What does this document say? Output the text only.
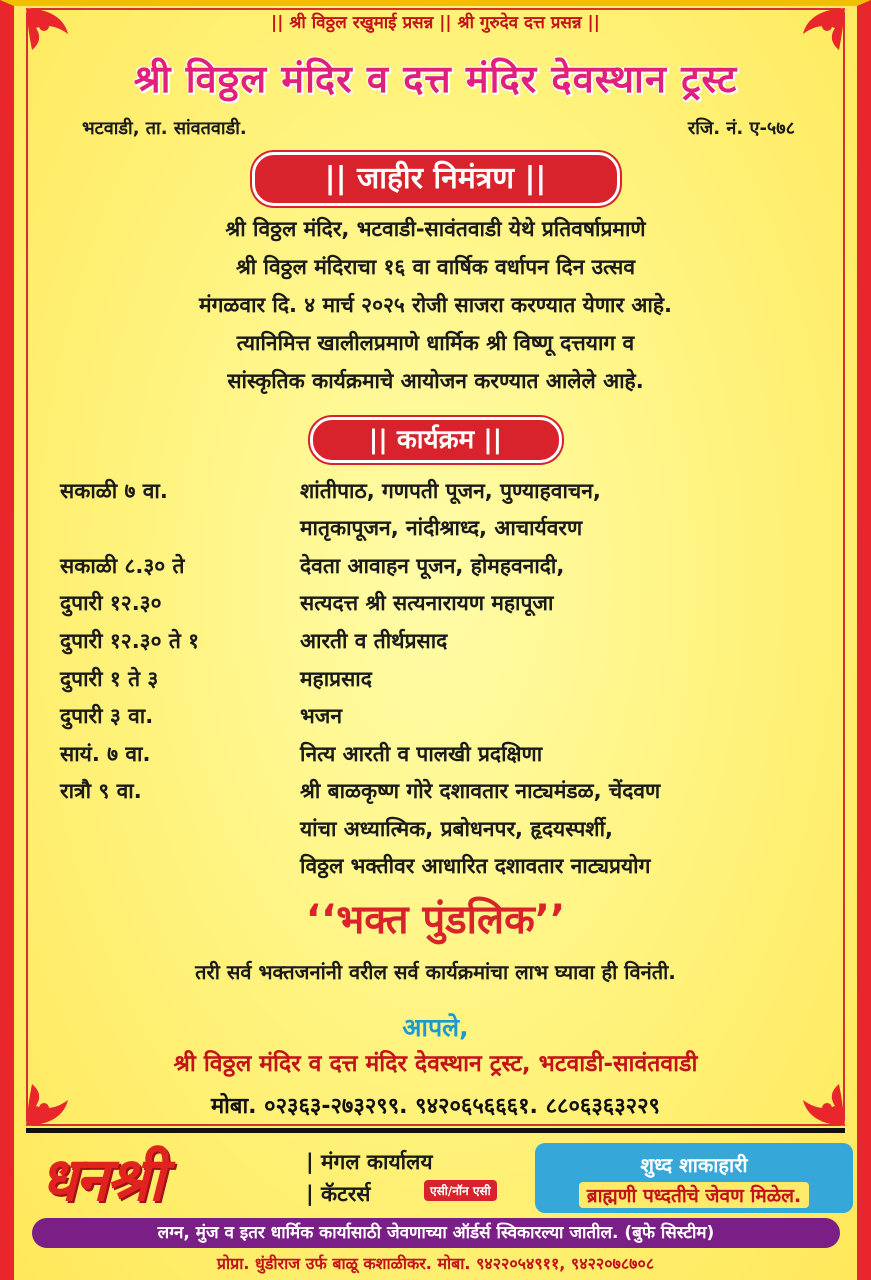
|| श्री विठ्ठल रखुमाई प्रसन्न || श्री गुरुदेव दत्त प्रसन्न ||
श्री विठ्ठल मंदिर व दत्त मंदिर देवस्थान ट्रस्ट
भटवाडी, ता. सांवतवाडी.	रजि. नं. ए-५७८
|| जाहीर निमंत्रण ||
श्री विठ्ठल मंदिर, भटवाडी-सावंतवाडी येथे प्रतिवर्षाप्रमाणे
श्री विठ्ठल मंदिराचा १६ वा वार्षिक वर्धापन दिन उत्सव
मंगळवार दि. ४ मार्च २०२५ रोजी साजरा करण्यात येणार आहे.
त्यानिमित्त खालीलप्रमाणे धार्मिक श्री विष्णू दत्तयाग व
सांस्कृतिक कार्यक्रमाचे आयोजन करण्यात आलेले आहे.
|| कार्यक्रम ||
सकाळी ७ वा.	शांतीपाठ, गणपती पूजन, पुण्याहवाचन,
मातृकापूजन, नांदीश्राध्द, आचार्यवरण
सकाळी ८.३० ते	देवता आवाहन पूजन, होमहवनादी,
दुपारी १२.३०	सत्यदत्त श्री सत्यनारायण महापूजा
दुपारी १२.३० ते १	आरती व तीर्थप्रसाद
दुपारी १ ते ३	महाप्रसाद
दुपारी ३ वा.	भजन
सायं. ७ वा.	नित्य आरती व पालखी प्रदक्षिणा
रात्रौ ९ वा.	श्री बाळकृष्ण गोरे दशावतार नाट्यमंडळ, चेंदवण
यांचा अध्यात्मिक, प्रबोधनपर, हृदयस्पर्शी,
विठ्ठल भक्तीवर आधारित दशावतार नाट्यप्रयोग
‘‘भक्त पुंडलिक’’
तरी सर्व भक्तजनांनी वरील सर्व कार्यक्रमांचा लाभ घ्यावा ही विनंती.
आपले,
श्री विठ्ठल मंदिर व दत्त मंदिर देवस्थान ट्रस्ट, भटवाडी-सावंतवाडी
मोबा. ०२३६३-२७३२९९. ९४२०६५६६६१. ८८०६३६३२२९
धनश्री	| मंगल कार्यालय
| कॅटरर्स	एसी/नॉन एसी
शुध्द शाकाहारी
ब्राह्मणी पध्दतीचे जेवण मिळेल.
लग्न, मुंज व इतर धार्मिक कार्यासाठी जेवणाच्या ऑर्डर्स स्विकारल्या जातील. (बुफे सिस्टीम)
प्रोप्रा. धुंडीराज उर्फ बाळू कशाळीकर. मोबा. ९४२२०५४९११, ९४२२०७८७०८
